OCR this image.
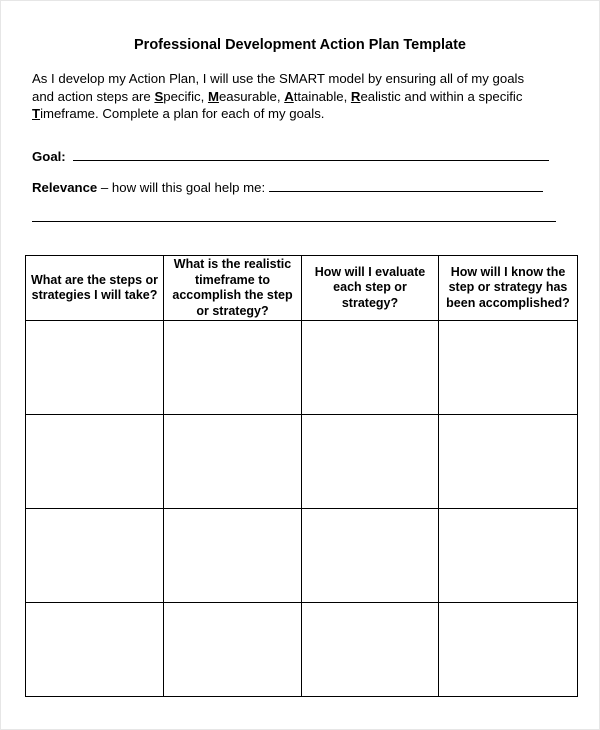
Professional Development Action Plan Template
As I develop my Action Plan, I will use the SMART model by ensuring all of my goals
and action steps are Specific, Measurable, Attainable, Realistic and within a specific
Timeframe. Complete a plan for each of my goals.
Goal:
Relevance – how will this goal help me:
What are the steps or strategies I will take?	What is the realistic timeframe to accomplish the step or strategy?	How will I evaluate each step or strategy?	How will I know the step or strategy has been accomplished?
